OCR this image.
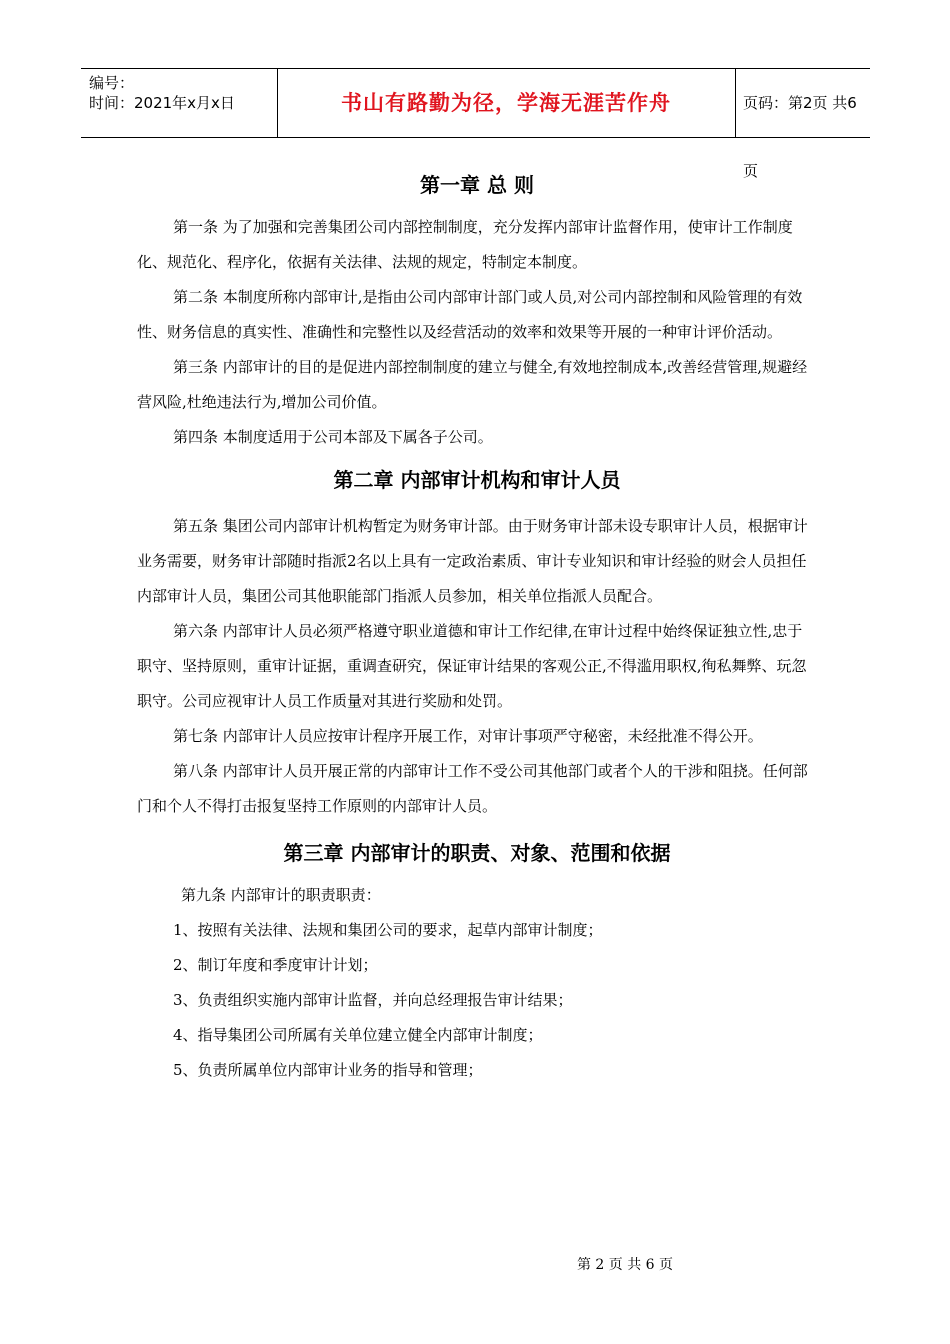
编号：
时间：2021年x月x日	书山有路勤为径，学海无涯苦作舟	页码：第2页 共6页
第一章 总 则

第一条 为了加强和完善集团公司内部控制制度，充分发挥内部审计监督作用，使审计工作制度化、规范化、程序化，依据有关法律、法规的规定，特制定本制度。

第二条 本制度所称内部审计,是指由公司内部审计部门或人员,对公司内部控制和风险管理的有效性、财务信息的真实性、准确性和完整性以及经营活动的效率和效果等开展的一种审计评价活动。

第三条 内部审计的目的是促进内部控制制度的建立与健全,有效地控制成本,改善经营管理,规避经营风险,杜绝违法行为,增加公司价值。

第四条 本制度适用于公司本部及下属各子公司。

第二章 内部审计机构和审计人员

第五条 集团公司内部审计机构暂定为财务审计部。由于财务审计部未设专职审计人员，根据审计业务需要，财务审计部随时指派2名以上具有一定政治素质、审计专业知识和审计经验的财会人员担任内部审计人员，集团公司其他职能部门指派人员参加，相关单位指派人员配合。

第六条 内部审计人员必须严格遵守职业道德和审计工作纪律,在审计过程中始终保证独立性,忠于职守、坚持原则，重审计证据，重调查研究，保证审计结果的客观公正,不得滥用职权,徇私舞弊、玩忽职守。公司应视审计人员工作质量对其进行奖励和处罚。

第七条 内部审计人员应按审计程序开展工作，对审计事项严守秘密，未经批准不得公开。

第八条 内部审计人员开展正常的内部审计工作不受公司其他部门或者个人的干涉和阻挠。任何部门和个人不得打击报复坚持工作原则的内部审计人员。

第三章 内部审计的职责、对象、范围和依据

第九条 内部审计的职责职责：

1、按照有关法律、法规和集团公司的要求，起草内部审计制度；

2、制订年度和季度审计计划；

3、负责组织实施内部审计监督，并向总经理报告审计结果；

4、指导集团公司所属有关单位建立健全内部审计制度；

5、负责所属单位内部审计业务的指导和管理；

第 2 页 共 6 页
